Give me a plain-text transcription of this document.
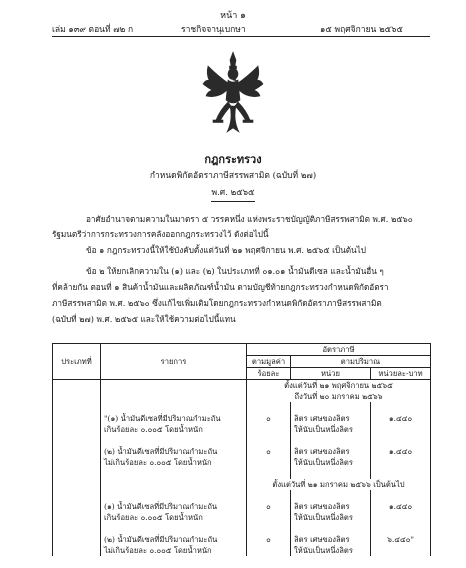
หน้า ๑
เล่ม ๑๓๙ ตอนที่ ๗๒ ก	ราชกิจจานุเบกษา	๑๕ พฤศจิกายน ๒๕๖๕
กฎกระทรวง
กำหนดพิกัดอัตราภาษีสรรพสามิต (ฉบับที่ ๒๗)
พ.ศ. ๒๕๖๕
อาศัยอำนาจตามความในมาตรา ๕ วรรคหนึ่ง แห่งพระราชบัญญัติภาษีสรรพสามิต พ.ศ. ๒๕๖๐
รัฐมนตรีว่าการกระทรวงการคลังออกกฎกระทรวงไว้ ดังต่อไปนี้
ข้อ ๑ กฎกระทรวงนี้ให้ใช้บังคับตั้งแต่วันที่ ๒๑ พฤศจิกายน พ.ศ. ๒๕๖๕ เป็นต้นไป
ข้อ ๒ ให้ยกเลิกความใน (๑) และ (๒) ในประเภทที่ ๐๑.๐๑ น้ำมันดีเซล และน้ำมันอื่น ๆ
ที่คล้ายกัน ตอนที่ ๑ สินค้าน้ำมันและผลิตภัณฑ์น้ำมัน ตามบัญชีท้ายกฎกระทรวงกำหนดพิกัดอัตรา
ภาษีสรรพสามิต พ.ศ. ๒๕๖๐ ซึ่งแก้ไขเพิ่มเติมโดยกฎกระทรวงกำหนดพิกัดอัตราภาษีสรรพสามิต
(ฉบับที่ ๒๗) พ.ศ. ๒๕๖๕ และให้ใช้ความต่อไปนี้แทน
ประเภทที่	รายการ	อัตราภาษี		
		ตามมูลค่า	ตามปริมาณ	
		ร้อยละ	หน่วย	หน่วยละ-บาท
		ตั้งแต่วันที่ ๒๑ พฤศจิกายน ๒๕๖๕		
		ถึงวันที่ ๒๐ มกราคม ๒๕๖๖		

	"(๑) น้ำมันดีเซลที่มีปริมาณกำมะถัน	๐	ลิตร เศษของลิตร	๑.๔๔๐
	เกินร้อยละ ๐.๐๐๕ โดยน้ำหนัก		ให้นับเป็นหนึ่งลิตร	

	(๒) น้ำมันดีเซลที่มีปริมาณกำมะถัน	๐	ลิตร เศษของลิตร	๑.๔๔๐
	ไม่เกินร้อยละ ๐.๐๐๕ โดยน้ำหนัก		ให้นับเป็นหนึ่งลิตร	

		ตั้งแต่วันที่ ๒๑ มกราคม ๒๕๖๖ เป็นต้นไป		

	(๑) น้ำมันดีเซลที่มีปริมาณกำมะถัน	๐	ลิตร เศษของลิตร	๑.๔๔๐
	เกินร้อยละ ๐.๐๐๕ โดยน้ำหนัก		ให้นับเป็นหนึ่งลิตร	

	(๒) น้ำมันดีเซลที่มีปริมาณกำมะถัน	๐	ลิตร เศษของลิตร	๖.๔๔๐"
	ไม่เกินร้อยละ ๐.๐๐๕ โดยน้ำหนัก		ให้นับเป็นหนึ่งลิตร	
